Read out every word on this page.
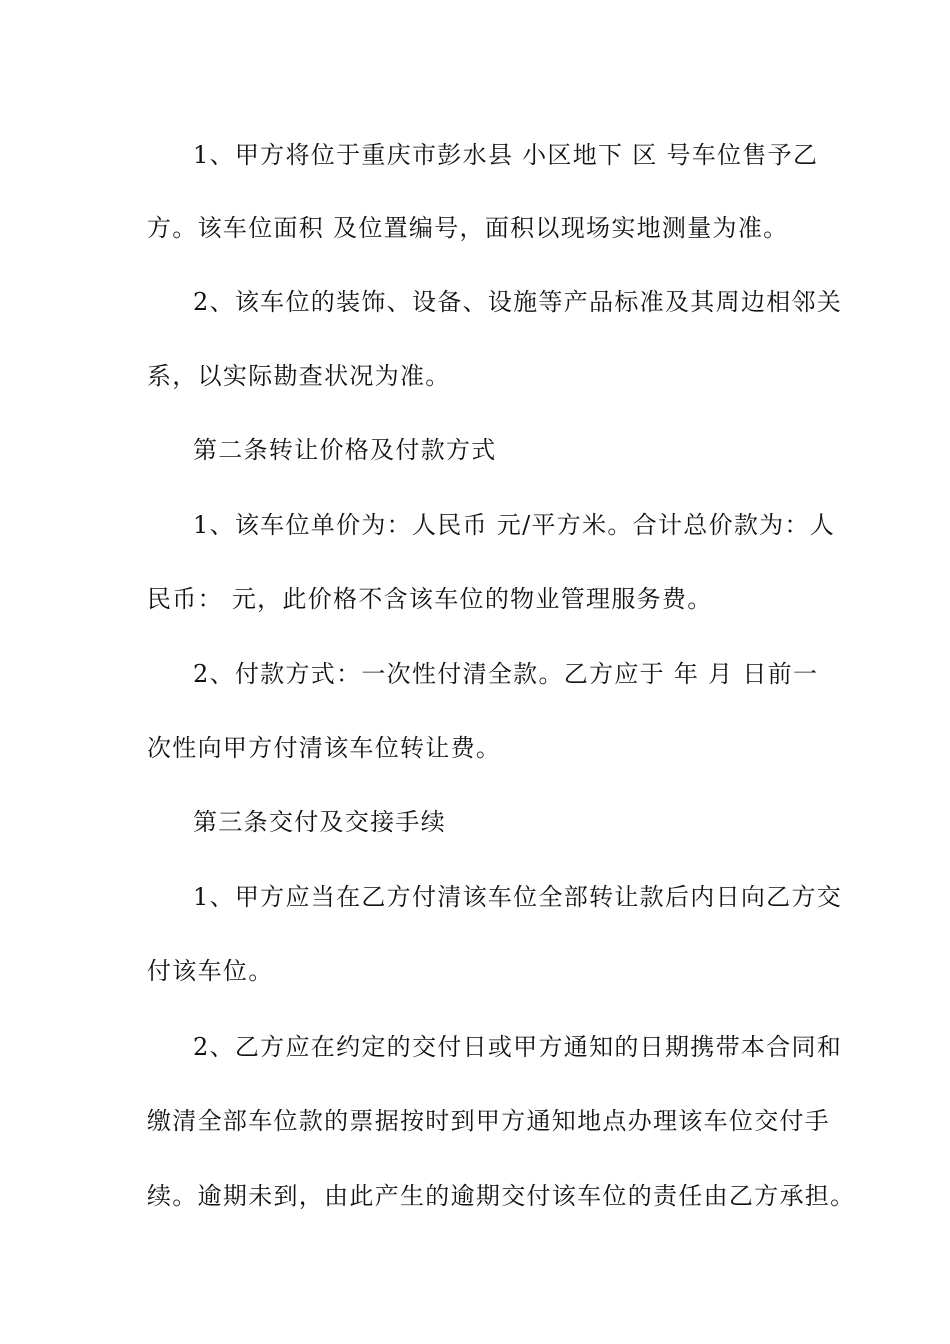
1、甲方将位于重庆市彭水县 小区地下 区 号车位售予乙
方。该车位面积 及位置编号，面积以现场实地测量为准。
2、该车位的装饰、设备、设施等产品标准及其周边相邻关
系，以实际勘查状况为准。
第二条转让价格及付款方式
1、该车位单价为：人民币 元/平方米。合计总价款为：人
民币： 元，此价格不含该车位的物业管理服务费。
2、付款方式：一次性付清全款。乙方应于 年 月 日前一
次性向甲方付清该车位转让费。
第三条交付及交接手续
1、甲方应当在乙方付清该车位全部转让款后内日向乙方交
付该车位。
2、乙方应在约定的交付日或甲方通知的日期携带本合同和
缴清全部车位款的票据按时到甲方通知地点办理该车位交付手
续。逾期未到，由此产生的逾期交付该车位的责任由乙方承担。
